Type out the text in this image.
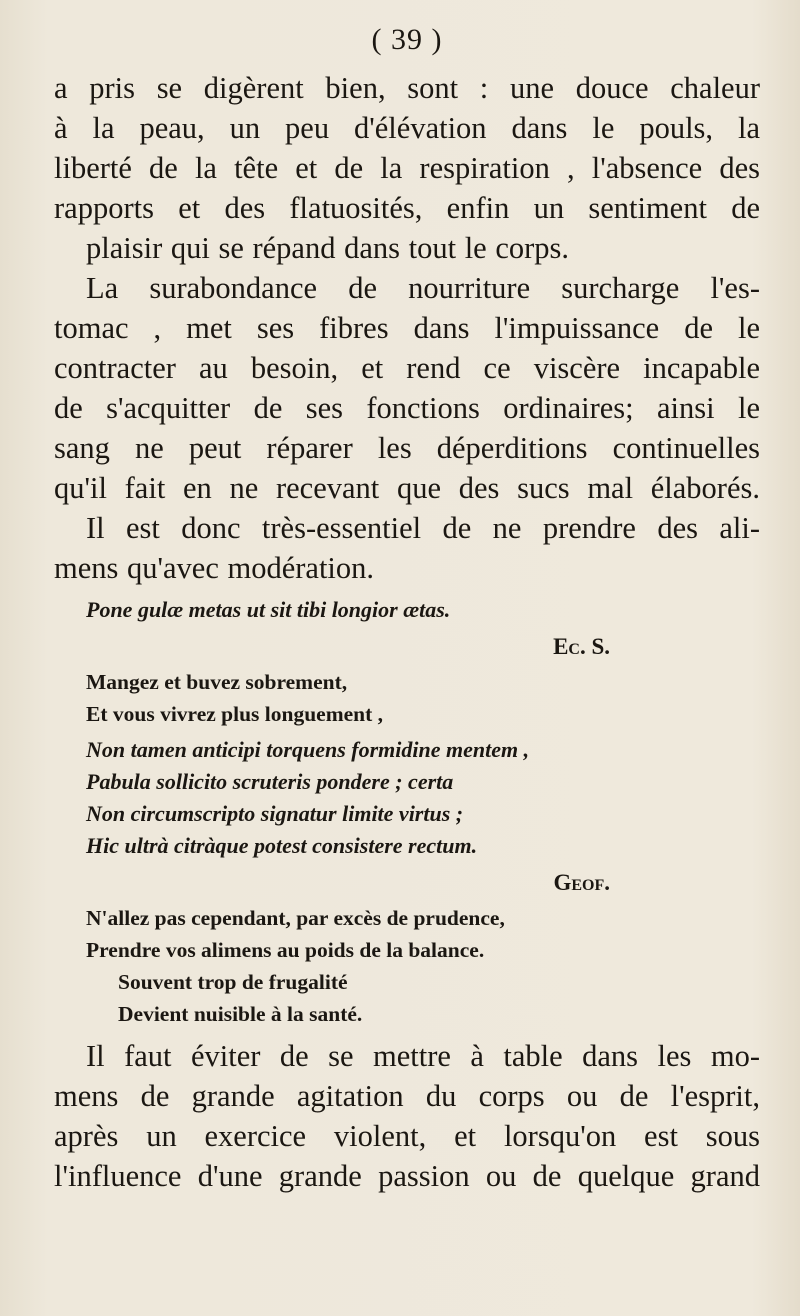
( 39 )
a pris se digèrent bien, sont : une douce chaleur
à la peau, un peu d'élévation dans le pouls, la
liberté de la tête et de la respiration , l'absence des
rapports et des flatuosités, enfin un sentiment de
plaisir qui se répand dans tout le corps.
La surabondance de nourriture surcharge l'es-
tomac , met ses fibres dans l'impuissance de le
contracter au besoin, et rend ce viscère incapable
de s'acquitter de ses fonctions ordinaires; ainsi le
sang ne peut réparer les déperditions continuelles
qu'il fait en ne recevant que des sucs mal élaborés.
Il est donc très-essentiel de ne prendre des ali-
mens qu'avec modération.
Pone gulæ metas ut sit tibi longior ætas.
Ec. S.
Mangez et buvez sobrement,
Et vous vivrez plus longuement ,
Non tamen anticipi torquens formidine mentem ,
Pabula sollicito scruteris pondere ; certa
Non circumscripto signatur limite virtus ;
Hic ultrà citràque potest consistere rectum.
Geof.
N'allez pas cependant, par excès de prudence,
Prendre vos alimens au poids de la balance.
Souvent trop de frugalité
Devient nuisible à la santé.
Il faut éviter de se mettre à table dans les mo-
mens de grande agitation du corps ou de l'esprit,
après un exercice violent, et lorsqu'on est sous
l'influence d'une grande passion ou de quelque grand
